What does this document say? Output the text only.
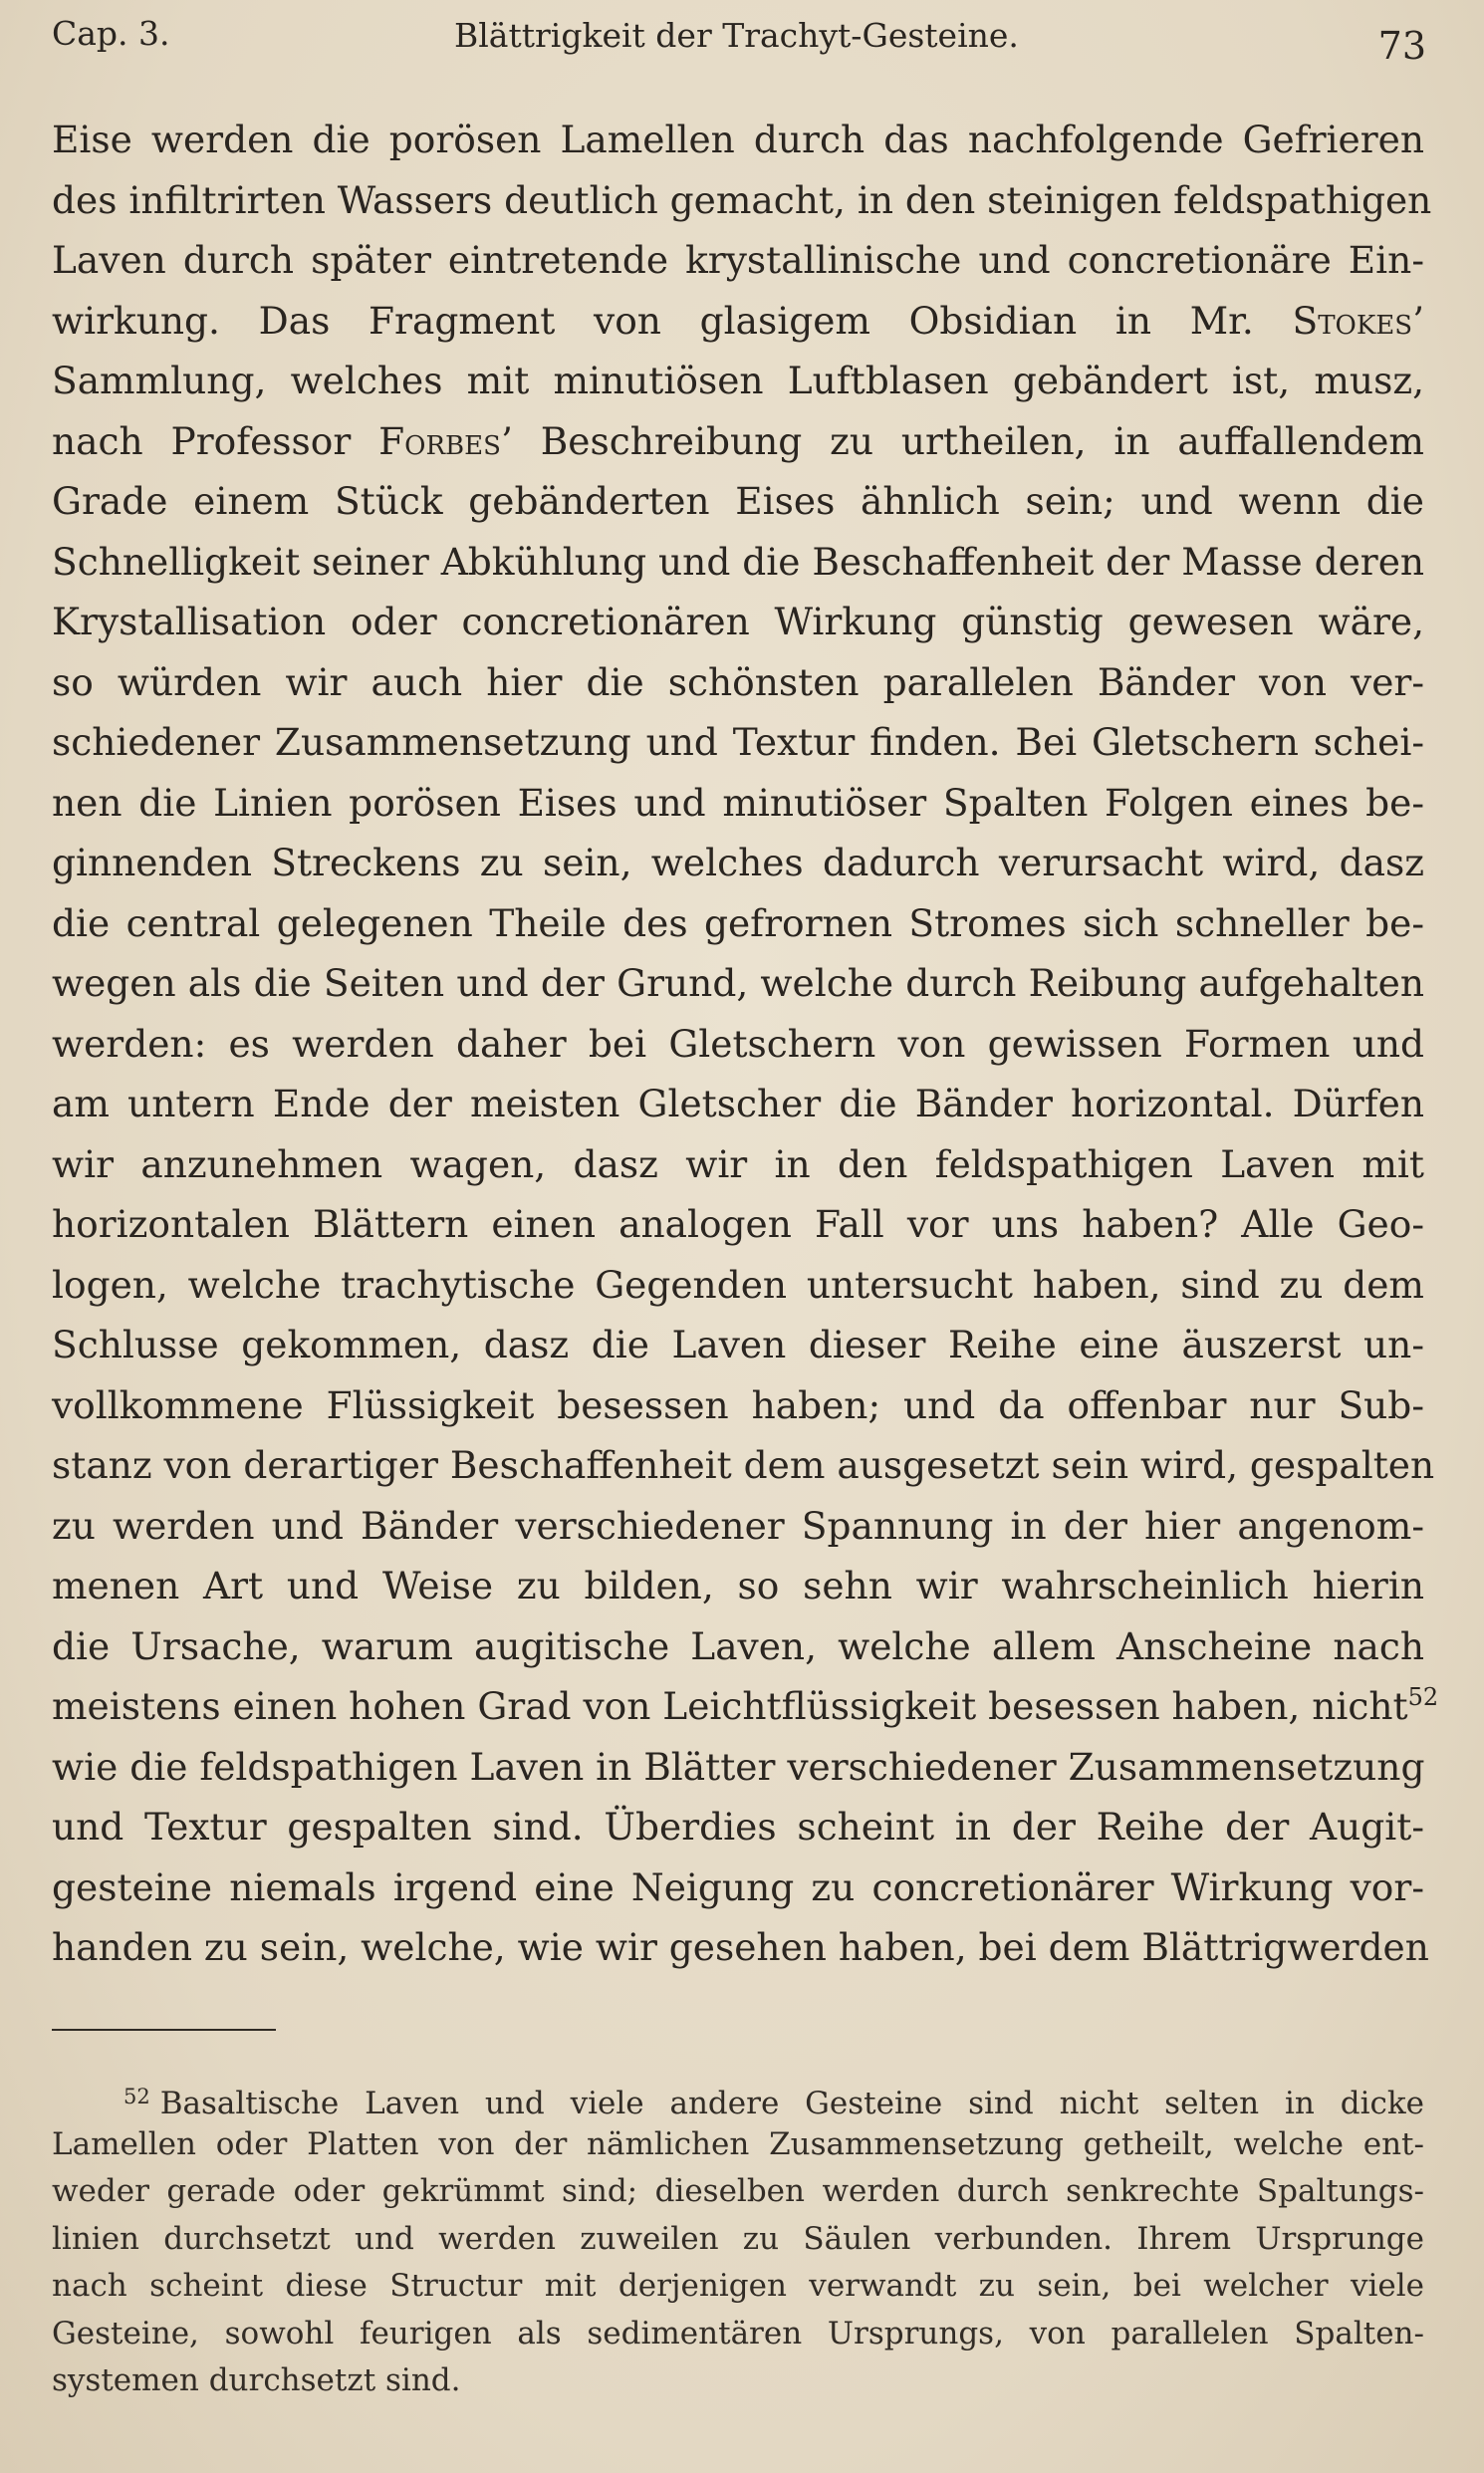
Cap. 3.	Blättrigkeit der Trachyt-Gesteine.	73
Eise werden die porösen Lamellen durch das nachfolgende Gefrieren
des infiltrirten Wassers deutlich gemacht, in den steinigen feldspathigen
Laven durch später eintretende krystallinische und concretionäre Ein-
wirkung. Das Fragment von glasigem Obsidian in Mr. Stokes’
Sammlung, welches mit minutiösen Luftblasen gebändert ist, musz,
nach Professor Forbes’ Beschreibung zu urtheilen, in auffallendem
Grade einem Stück gebänderten Eises ähnlich sein; und wenn die
Schnelligkeit seiner Abkühlung und die Beschaffenheit der Masse deren
Krystallisation oder concretionären Wirkung günstig gewesen wäre,
so würden wir auch hier die schönsten parallelen Bänder von ver-
schiedener Zusammensetzung und Textur finden. Bei Gletschern schei-
nen die Linien porösen Eises und minutiöser Spalten Folgen eines be-
ginnenden Streckens zu sein, welches dadurch verursacht wird, dasz
die central gelegenen Theile des gefrornen Stromes sich schneller be-
wegen als die Seiten und der Grund, welche durch Reibung aufgehalten
werden: es werden daher bei Gletschern von gewissen Formen und
am untern Ende der meisten Gletscher die Bänder horizontal. Dürfen
wir anzunehmen wagen, dasz wir in den feldspathigen Laven mit
horizontalen Blättern einen analogen Fall vor uns haben? Alle Geo-
logen, welche trachytische Gegenden untersucht haben, sind zu dem
Schlusse gekommen, dasz die Laven dieser Reihe eine äuszerst un-
vollkommene Flüssigkeit besessen haben; und da offenbar nur Sub-
stanz von derartiger Beschaffenheit dem ausgesetzt sein wird, gespalten
zu werden und Bänder verschiedener Spannung in der hier angenom-
menen Art und Weise zu bilden, so sehn wir wahrscheinlich hierin
die Ursache, warum augitische Laven, welche allem Anscheine nach
meistens einen hohen Grad von Leichtflüssigkeit besessen haben, nicht$^{52}$
wie die feldspathigen Laven in Blätter verschiedener Zusammensetzung
und Textur gespalten sind. Überdies scheint in der Reihe der Augit-
gesteine niemals irgend eine Neigung zu concretionärer Wirkung vor-
handen zu sein, welche, wie wir gesehen haben, bei dem Blättrigwerden
$^{52}$ Basaltische Laven und viele andere Gesteine sind nicht selten in dicke
Lamellen oder Platten von der nämlichen Zusammensetzung getheilt, welche ent-
weder gerade oder gekrümmt sind; dieselben werden durch senkrechte Spaltungs-
linien durchsetzt und werden zuweilen zu Säulen verbunden. Ihrem Ursprunge
nach scheint diese Structur mit derjenigen verwandt zu sein, bei welcher viele
Gesteine, sowohl feurigen als sedimentären Ursprungs, von parallelen Spalten-
systemen durchsetzt sind.
